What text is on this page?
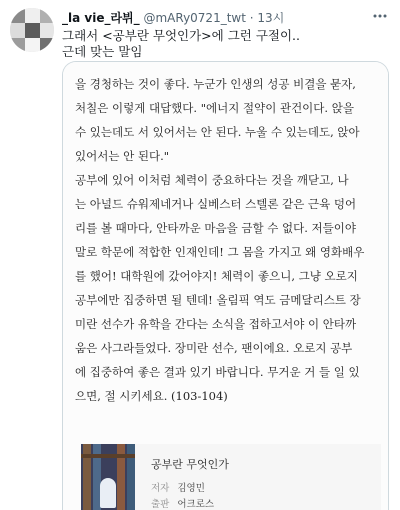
_la vie_라뷔_ @mARy0721_twt · 13시
그래서 <공부란 무엇인가>에 그런 구절이..
근데 맞는 말임
을 경청하는 것이 좋다. 누군가 인생의 성공 비결을 묻자,
처칠은 이렇게 대답했다. "에너지 절약이 관건이다. 앉을
수 있는데도 서 있어서는 안 된다. 누울 수 있는데도, 앉아
있어서는 안 된다."
공부에 있어 이처럼 체력이 중요하다는 것을 깨닫고, 나
는 아널드 슈워제네거나 실베스터 스텔론 같은 근육 덩어
리를 볼 때마다, 안타까운 마음을 금할 수 없다. 저들이야
말로 학문에 적합한 인재인데! 그 몸을 가지고 왜 영화배우
를 했어! 대학원에 갔어야지! 체력이 좋으니, 그냥 오로지
공부에만 집중하면 될 텐데! 올림픽 역도 금메달리스트 장
미란 선수가 유학을 간다는 소식을 접하고서야 이 안타까
움은 사그라들었다. 장미란 선수, 팬이에요. 오로지 공부
에 집중하여 좋은 결과 있기 바랍니다. 무거운 거 들 일 있
으면, 절 시키세요. (103-104)
공부란 무엇인가
저자 김영민
출판 어크로스
